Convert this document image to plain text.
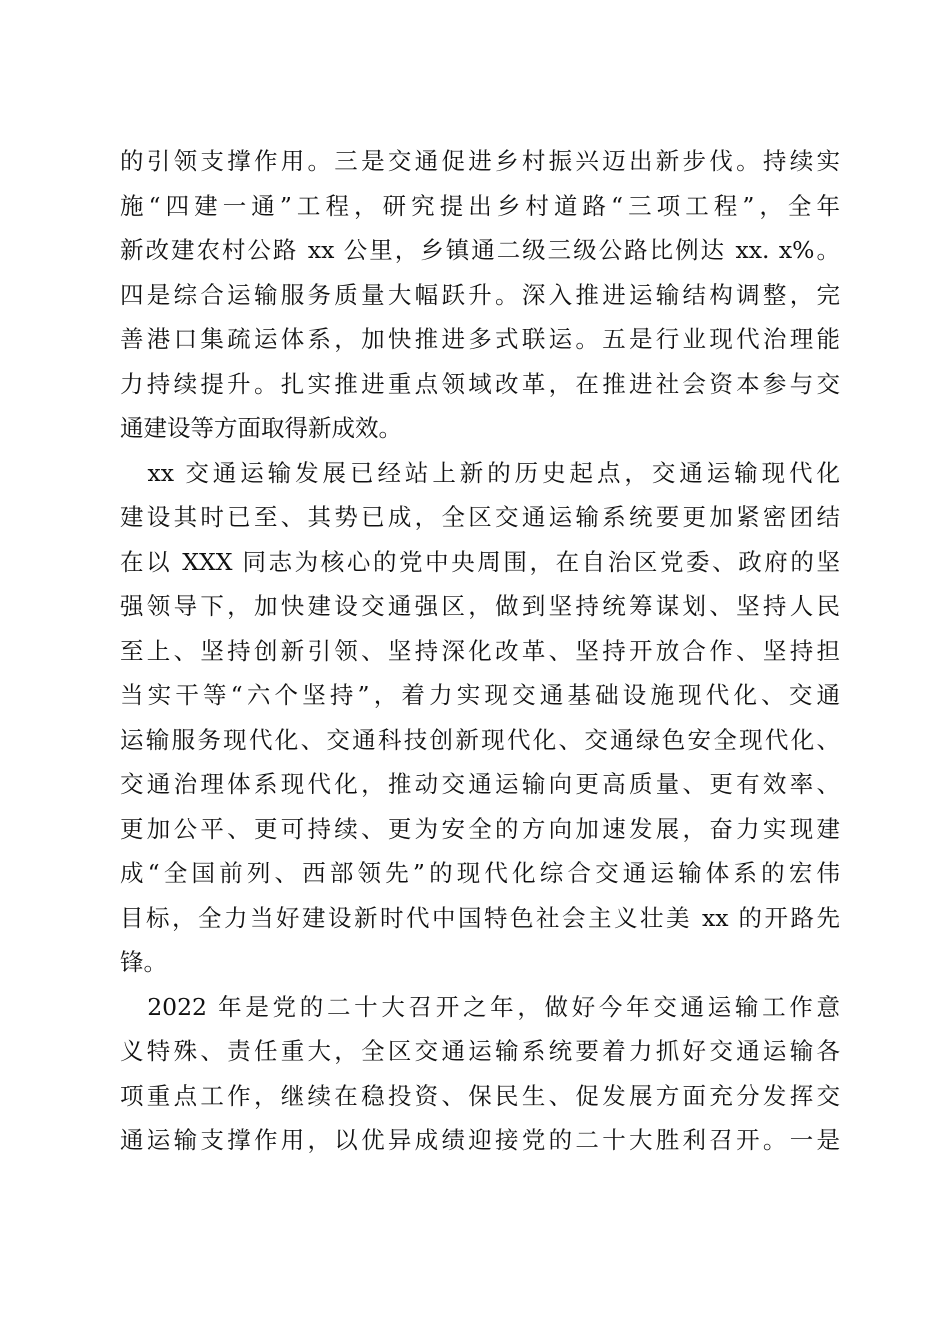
的引领支撑作用。三是交通促进乡村振兴迈出新步伐。持续实
施“四建一通”工程，研究提出乡村道路“三项工程”，全年
新改建农村公路 xx 公里，乡镇通二级三级公路比例达 xx. x%。
四是综合运输服务质量大幅跃升。深入推进运输结构调整，完
善港口集疏运体系，加快推进多式联运。五是行业现代治理能
力持续提升。扎实推进重点领域改革，在推进社会资本参与交
通建设等方面取得新成效。
　xx 交通运输发展已经站上新的历史起点，交通运输现代化
建设其时已至、其势已成，全区交通运输系统要更加紧密团结
在以 XXX 同志为核心的党中央周围，在自治区党委、政府的坚
强领导下，加快建设交通强区，做到坚持统筹谋划、坚持人民
至上、坚持创新引领、坚持深化改革、坚持开放合作、坚持担
当实干等“六个坚持”，着力实现交通基础设施现代化、交通
运输服务现代化、交通科技创新现代化、交通绿色安全现代化、
交通治理体系现代化，推动交通运输向更高质量、更有效率、
更加公平、更可持续、更为安全的方向加速发展，奋力实现建
成“全国前列、西部领先”的现代化综合交通运输体系的宏伟
目标，全力当好建设新时代中国特色社会主义壮美 xx 的开路先
锋。
　2022 年是党的二十大召开之年，做好今年交通运输工作意
义特殊、责任重大，全区交通运输系统要着力抓好交通运输各
项重点工作，继续在稳投资、保民生、促发展方面充分发挥交
通运输支撑作用，以优异成绩迎接党的二十大胜利召开。一是
